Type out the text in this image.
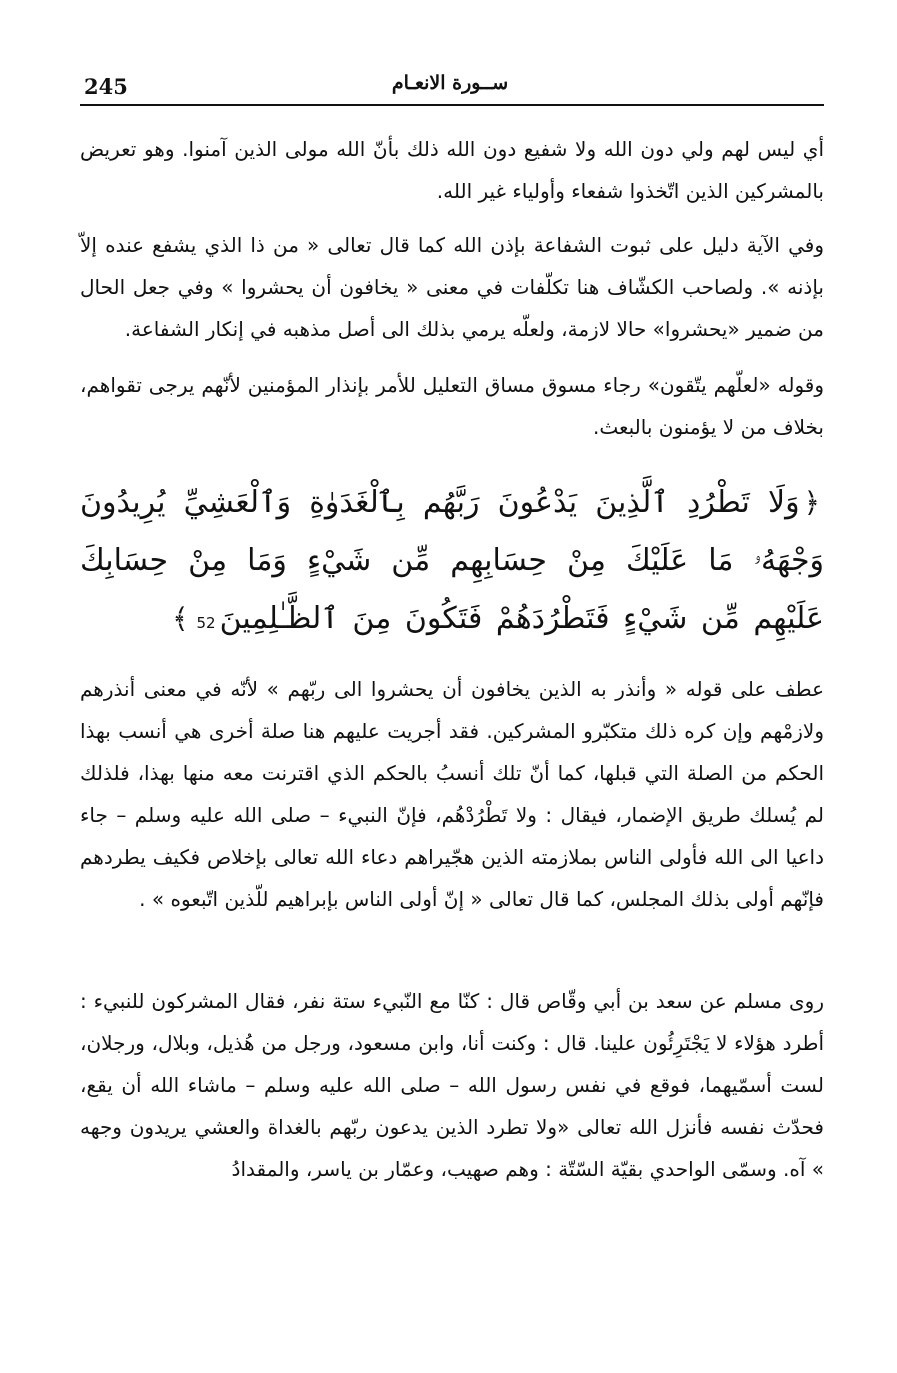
245	ســورة الانعـام

أي ليس لهم ولي دون الله ولا شفيع دون الله ذلك بأنّ الله مولى الذين آمنوا. وهو تعريض بالمشركين الذين اتّخذوا شفعاء وأولياء غير الله.

وفي الآية دليل على ثبوت الشفاعة بإذن الله كما قال تعالى « من ذا الذي يشفع عنده إلاّ بإذنه ». ولصاحب الكشّاف هنا تكلّفات في معنى « يخافون أن يحشروا » وفي جعل الحال من ضمير «يحشروا» حالا لازمة، ولعلّه يرمي بذلك الى أصل مذهبه في إنكار الشفاعة.

وقوله «لعلّهم يتّقون» رجاء مسوق مساق التعليل للأمر بإنذار المؤمنين لأنّهم يرجى تقواهم، بخلاف من لا يؤمنون بالبعث.

﴿وَلَا تَطْرُدِ ٱلَّذِينَ يَدْعُونَ رَبَّهُم بِٱلْغَدَوٰةِ وَٱلْعَشِيِّ يُرِيدُونَ وَجْهَهُۥ مَا عَلَيْكَ مِنْ حِسَابِهِم مِّن شَيْءٍ وَمَا مِنْ حِسَابِكَ عَلَيْهِم مِّن شَيْءٍ فَتَطْرُدَهُمْ فَتَكُونَ مِنَ ٱلظَّـٰلِمِينَ52﴾

عطف على قوله « وأنذر به الذين يخافون أن يحشروا الى ربّهم » لأنّه في معنى أنذرهم ولازمْهم وإن كره ذلك متكبّرو المشركين. فقد أجريت عليهم هنا صلة أخرى هي أنسب بهذا الحكم من الصلة التي قبلها، كما أنّ تلك أنسبُ بالحكم الذي اقترنت معه منها بهذا، فلذلك لم يُسلك طريق الإضمار، فيقال : ولا تَطْرُدْهُم، فإنّ النبيء – صلى الله عليه وسلم – جاء داعيا الى الله فأولى الناس بملازمته الذين هجّيراهم دعاء الله تعالى بإخلاص فكيف يطردهم فإنّهم أولى بذلك المجلس، كما قال تعالى « إنّ أولى الناس بإبراهيم للّذين اتّبعوه » .

روى مسلم عن سعد بن أبي وقّاص قال : كنّا مع النّبيء ستة نفر، فقال المشركون للنبيء : أطرد هؤلاء لا يَجْتَرِئُون علينا. قال : وكنت أنا، وابن مسعود، ورجل من هُذيل، وبلال، ورجلان، لست أسمّيهما، فوقع في نفس رسول الله – صلى الله عليه وسلم – ماشاء الله أن يقع، فحدّث نفسه فأنزل الله تعالى «ولا تطرد الذين يدعون ربّهم بالغداة والعشي يريدون وجهه » آه. وسمّى الواحدي بقيّة السّتّة : وهم صهيب، وعمّار بن ياسر، والمقدادُ
